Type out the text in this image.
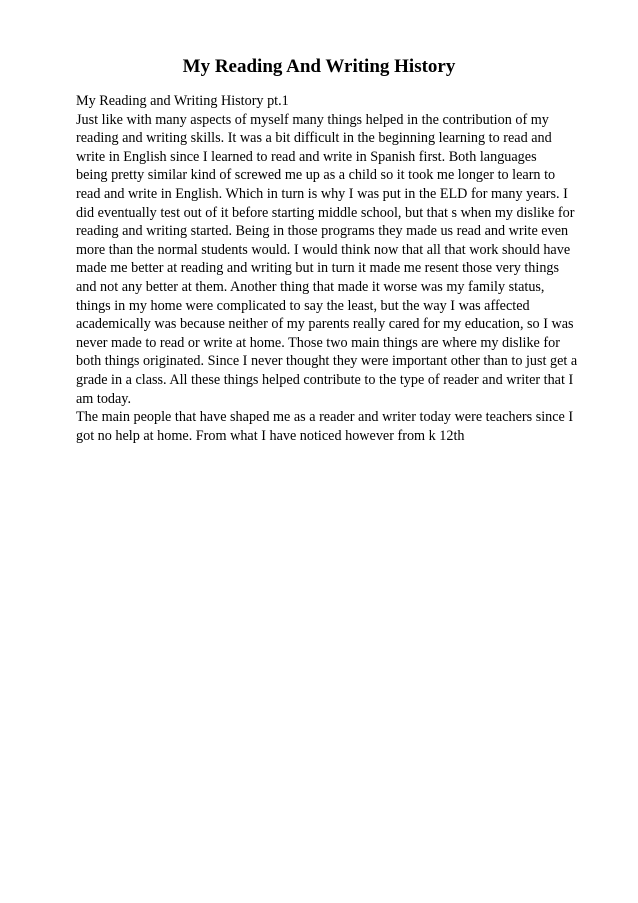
My Reading And Writing History
My Reading and Writing History pt.1
Just like with many aspects of myself many things helped in the contribution of my
reading and writing skills. It was a bit difficult in the beginning learning to read and
write in English since I learned to read and write in Spanish first. Both languages
being pretty similar kind of screwed me up as a child so it took me longer to learn to
read and write in English. Which in turn is why I was put in the ELD for many years. I
did eventually test out of it before starting middle school, but that s when my dislike for
reading and writing started. Being in those programs they made us read and write even
more than the normal students would. I would think now that all that work should have
made me better at reading and writing but in turn it made me resent those very things
and not any better at them. Another thing that made it worse was my family status,
things in my home were complicated to say the least, but the way I was affected
academically was because neither of my parents really cared for my education, so I was
never made to read or write at home. Those two main things are where my dislike for
both things originated. Since I never thought they were important other than to just get a
grade in a class. All these things helped contribute to the type of reader and writer that I
am today.
The main people that have shaped me as a reader and writer today were teachers since I
got no help at home. From what I have noticed however from k 12th
